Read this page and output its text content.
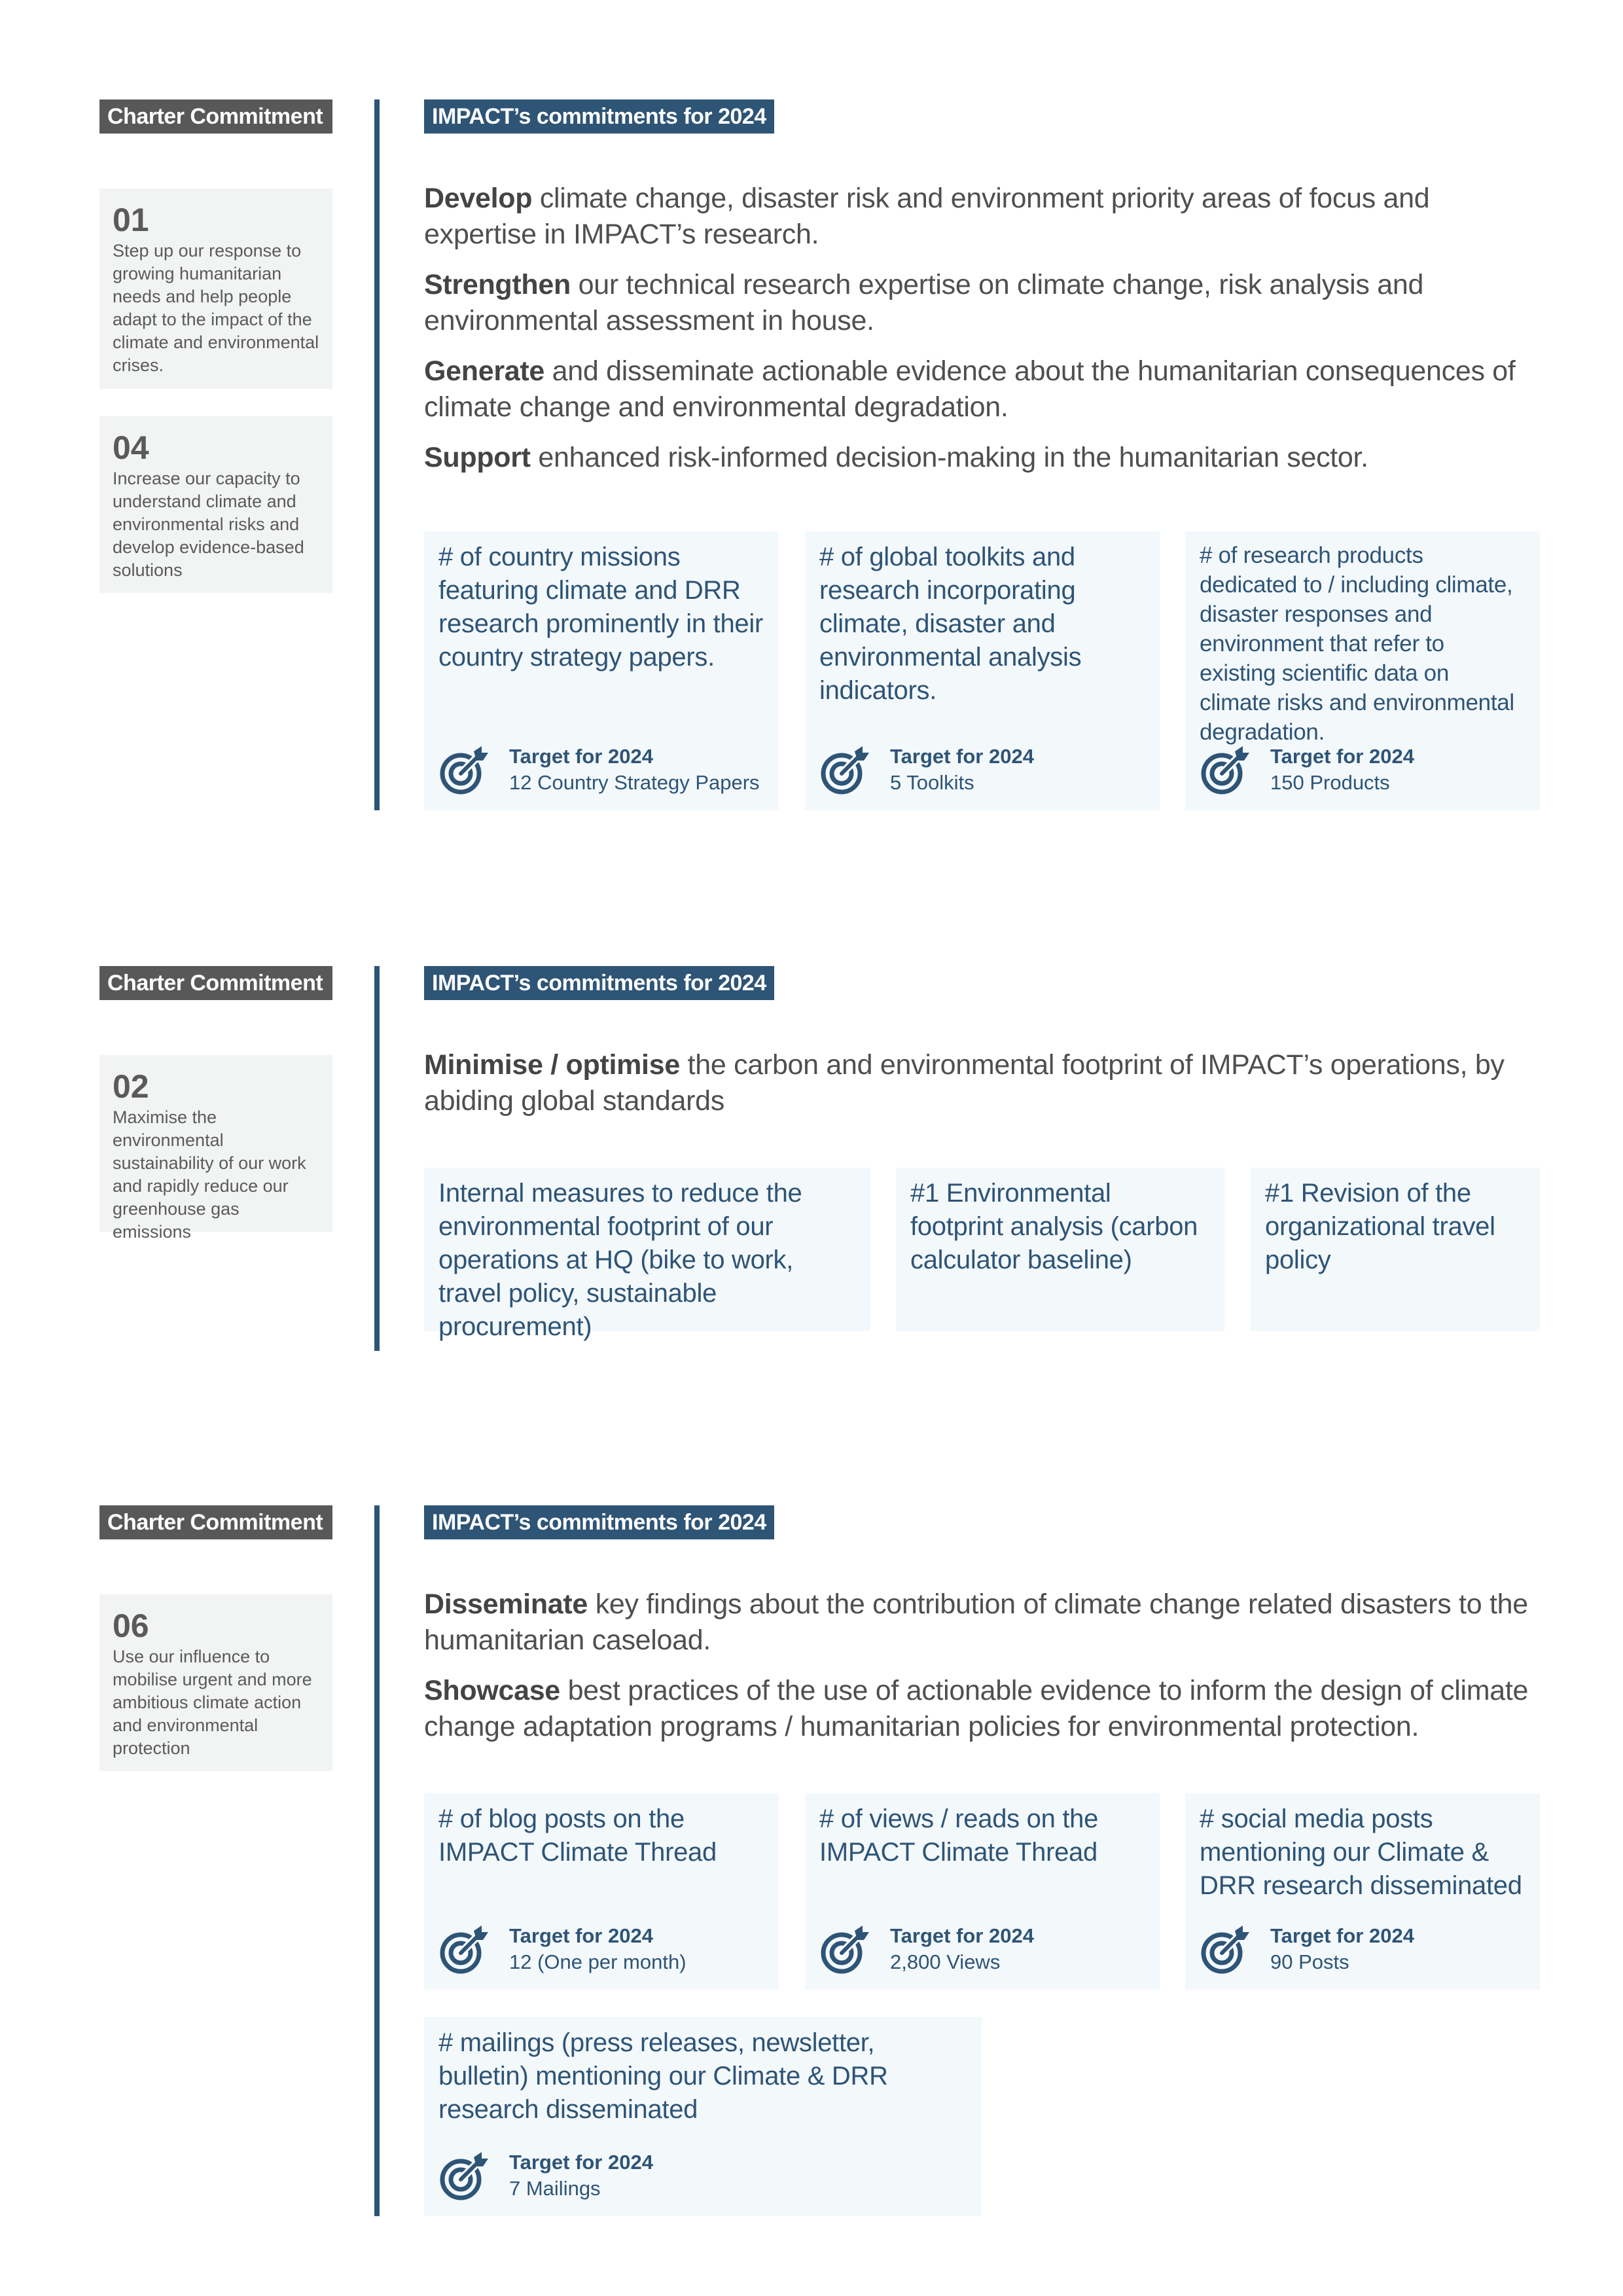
Charter Commitment	IMPACT’s commitments for 2024
01
Step up our response to growing humanitarian needs and help people adapt to the impact of the climate and environmental crises.
04
Increase our capacity to understand climate and environmental risks and develop evidence-based solutions
Develop climate change, disaster risk and environment priority areas of focus and expertise in IMPACT’s research.
Strengthen our technical research expertise on climate change, risk analysis and environmental assessment in house.
Generate and disseminate actionable evidence about the humanitarian consequences of climate change and environmental degradation.
Support enhanced risk-informed decision-making in the humanitarian sector.
# of country missions featuring climate and DRR research prominently in their country strategy papers.
Target for 2024
12 Country Strategy Papers
# of global toolkits and research incorporating climate, disaster and environmental analysis indicators.
Target for 2024
5 Toolkits
# of research products dedicated to / including climate, disaster responses and environment that refer to existing scientific data on climate risks and environmental degradation.
Target for 2024
150 Products
Charter Commitment	IMPACT’s commitments for 2024
02
Maximise the environmental sustainability of our work and rapidly reduce our greenhouse gas emissions
Minimise / optimise the carbon and environmental footprint of IMPACT’s operations, by abiding global standards
Internal measures to reduce the environmental footprint of our operations at HQ (bike to work, travel policy, sustainable procurement)
#1 Environmental footprint analysis (carbon calculator baseline)
#1 Revision of the organizational travel policy
Charter Commitment	IMPACT’s commitments for 2024
06
Use our influence to mobilise urgent and more ambitious climate action and environmental protection
Disseminate key findings about the contribution of climate change related disasters to the humanitarian caseload.
Showcase best practices of the use of actionable evidence to inform the design of climate change adaptation programs / humanitarian policies for environmental protection.
# of blog posts on the IMPACT Climate Thread
Target for 2024
12 (One per month)
# of views / reads on the IMPACT Climate Thread
Target for 2024
2,800 Views
# social media posts mentioning our Climate & DRR research disseminated
Target for 2024
90 Posts
# mailings (press releases, newsletter, bulletin) mentioning our Climate & DRR research disseminated
Target for 2024
7 Mailings
